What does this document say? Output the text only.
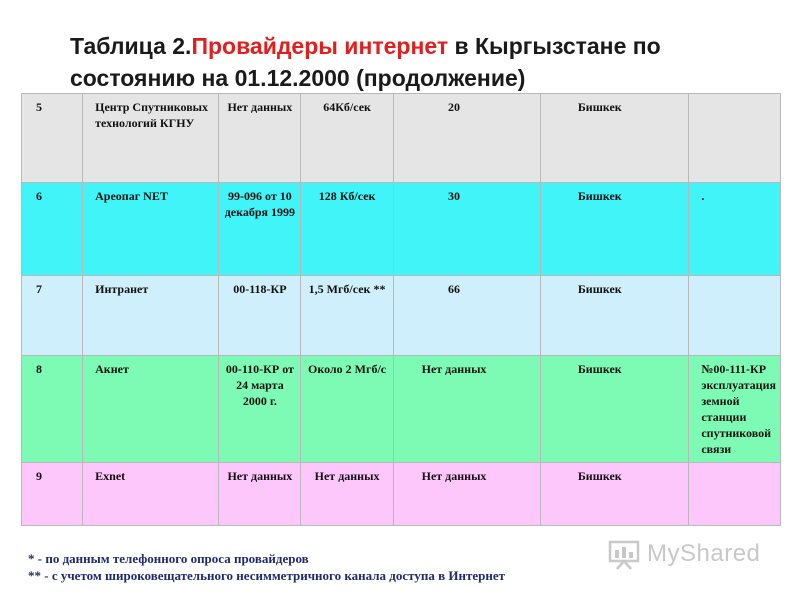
Таблица 2.Провайдеры интернет в Кыргызстане по состоянию на 01.12.2000 (продолжение)
5	Центр Спутниковых технологий КГНУ	Нет данных	64Кб/сек	20	Бишкек	
6	Ареопаг NET	99-096 от 10 декабря 1999	128 Кб/сек	30	Бишкек	.
7	Интранет	00-118-КР	1,5 Мгб/сек **	66	Бишкек	
8	Акнет	00-110-КР от 24 марта 2000 г.	Около 2 Мгб/с	Нет данных	Бишкек	№00-111-КР эксплуатация земной станции спутниковой связи
9	Exnet	Нет данных	Нет данных	Нет данных	Бишкек	
* - по данным телефонного опроса провайдеров
** - с учетом широковещательного несимметричного канала доступа в Интернет
MyShared
